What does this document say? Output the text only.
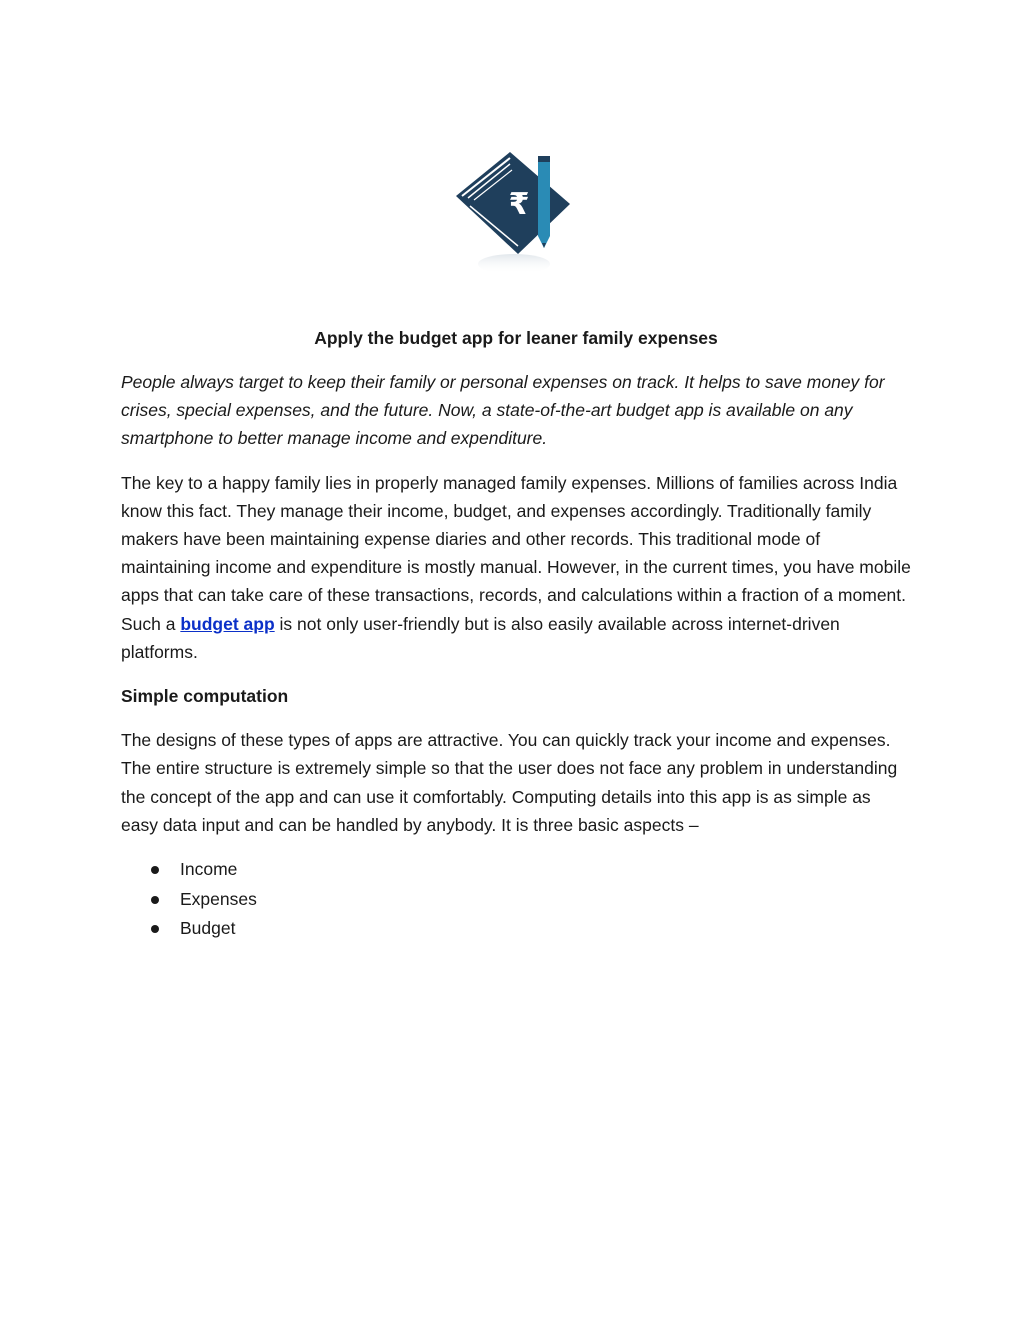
₹
Apply the budget app for leaner family expenses
People always target to keep their family or personal expenses on track. It helps to save money for crises, special expenses, and the future. Now, a state-of-the-art budget app is available on any smartphone to better manage income and expenditure.
The key to a happy family lies in properly managed family expenses. Millions of families across India know this fact. They manage their income, budget, and expenses accordingly. Traditionally family makers have been maintaining expense diaries and other records. This traditional mode of maintaining income and expenditure is mostly manual. However, in the current times, you have mobile apps that can take care of these transactions, records, and calculations within a fraction of a moment. Such a budget app is not only user-friendly but is also easily available across internet-driven platforms.
Simple computation
The designs of these types of apps are attractive. You can quickly track your income and expenses. The entire structure is extremely simple so that the user does not face any problem in understanding the concept of the app and can use it comfortably. Computing details into this app is as simple as easy data input and can be handled by anybody. It is three basic aspects –
Income
Expenses
Budget
